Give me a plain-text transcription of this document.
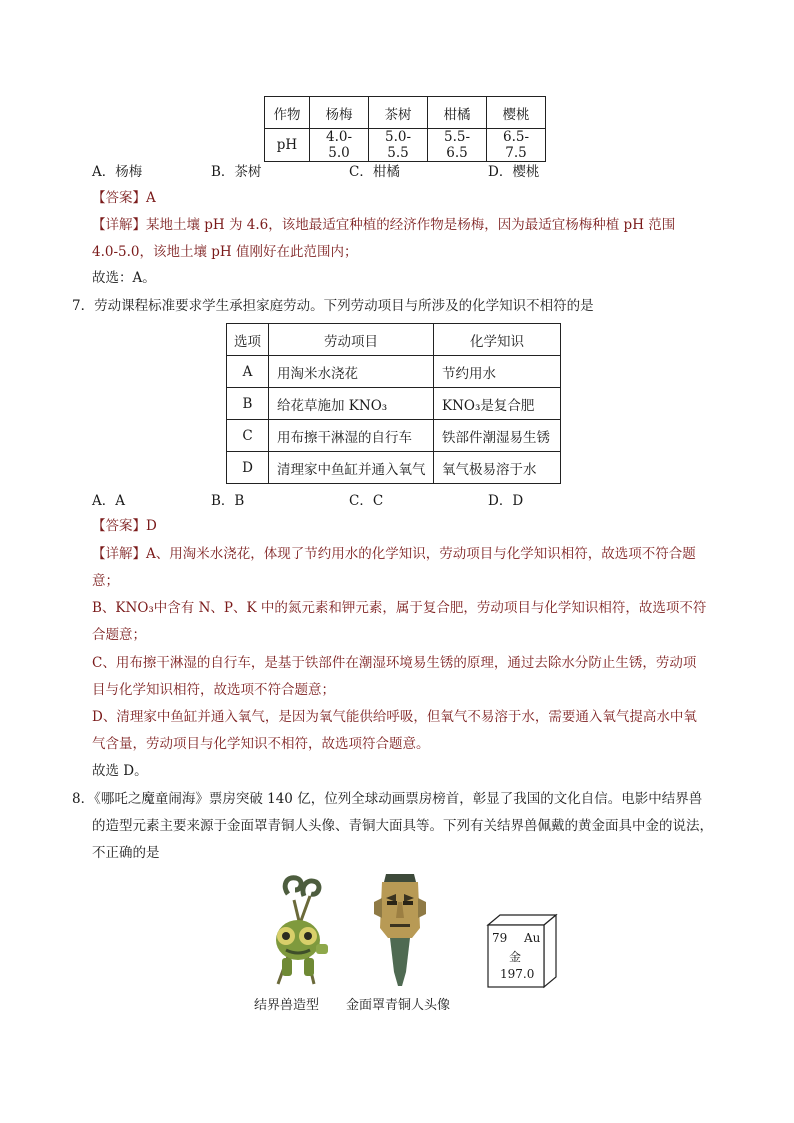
作物	杨梅	茶树	柑橘	樱桃
pH	4.0-5.0	5.0-5.5	5.5-6.5	6.5-7.5
A．杨梅	B．茶树	C．柑橘	D．樱桃
【答案】A
【详解】某地土壤 pH 为 4.6，该地最适宜种植的经济作物是杨梅，因为最适宜杨梅种植 pH 范围
4.0-5.0，该地土壤 pH 值刚好在此范围内；
故选：A。
7．劳动课程标准要求学生承担家庭劳动。下列劳动项目与所涉及的化学知识不相符的是
选项	劳动项目	化学知识
A	用淘米水浇花	节约用水
B	给花草施加 KNO₃	KNO₃是复合肥
C	用布擦干淋湿的自行车	铁部件潮湿易生锈
D	清理家中鱼缸并通入氧气	氧气极易溶于水
A．A	B．B	C．C	D．D
【答案】D
【详解】A、用淘米水浇花，体现了节约用水的化学知识，劳动项目与化学知识相符，故选项不符合题
意；
B、KNO₃中含有 N、P、K 中的氮元素和钾元素，属于复合肥，劳动项目与化学知识相符，故选项不符
合题意；
C、用布擦干淋湿的自行车，是基于铁部件在潮湿环境易生锈的原理，通过去除水分防止生锈，劳动项
目与化学知识相符，故选项不符合题意；
D、清理家中鱼缸并通入氧气，是因为氧气能供给呼吸，但氧气不易溶于水，需要通入氧气提高水中氧
气含量，劳动项目与化学知识不相符，故选项符合题意。
故选 D。
8．《哪吒之魔童闹海》票房突破 140 亿，位列全球动画票房榜首，彰显了我国的文化自信。电影中结界兽
的造型元素主要来源于金面罩青铜人头像、青铜大面具等。下列有关结界兽佩戴的黄金面具中金的说法，
不正确的是
79 Au
金
197.0
结界兽造型 金面罩青铜人头像
